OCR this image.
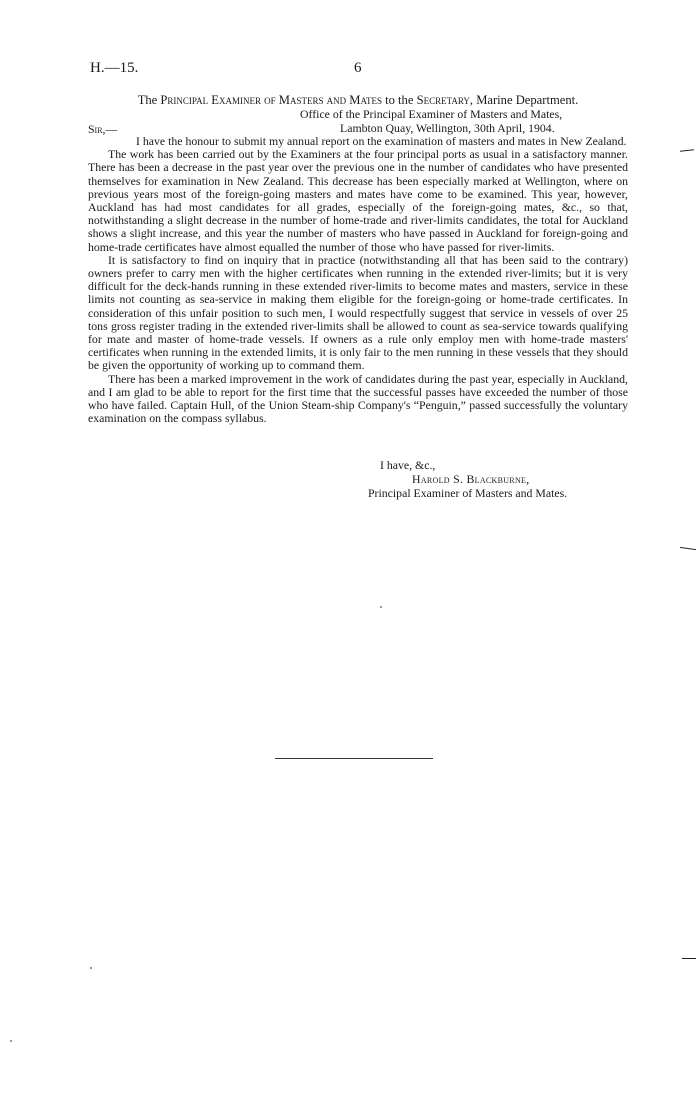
H.—15.	6
The Principal Examiner of Masters and Mates to the Secretary, Marine Department.
Office of the Principal Examiner of Masters and Mates,
Lambton Quay, Wellington, 30th April, 1904.
Sir,—

I have the honour to submit my annual report on the examination of masters and mates in New Zealand.

The work has been carried out by the Examiners at the four principal ports as usual in a satisfactory manner. There has been a decrease in the past year over the previous one in the number of candidates who have presented themselves for examination in New Zealand. This decrease has been especially marked at Wellington, where on previous years most of the foreign-going masters and mates have come to be examined. This year, however, Auckland has had most candidates for all grades, especially of the foreign-going mates, &c., so that, notwithstanding a slight decrease in the number of home-trade and river-limits candidates, the total for Auckland shows a slight increase, and this year the number of masters who have passed in Auckland for foreign-going and home-trade certificates have almost equalled the number of those who have passed for river-limits.

It is satisfactory to find on inquiry that in practice (notwithstanding all that has been said to the contrary) owners prefer to carry men with the higher certificates when running in the extended river-limits; but it is very difficult for the deck-hands running in these extended river-limits to become mates and masters, service in these limits not counting as sea-service in making them eligible for the foreign-going or home-trade certificates. In consideration of this unfair position to such men, I would respectfully suggest that service in vessels of over 25 tons gross register trading in the extended river-limits shall be allowed to count as sea-service towards qualifying for mate and master of home-trade vessels. If owners as a rule only employ men with home-trade masters' certificates when running in the extended limits, it is only fair to the men running in these vessels that they should be given the opportunity of working up to command them.

There has been a marked improvement in the work of candidates during the past year, especially in Auckland, and I am glad to be able to report for the first time that the successful passes have exceeded the number of those who have failed. Captain Hull, of the Union Steam-ship Company's “Penguin,” passed successfully the voluntary examination on the compass syllabus.

I have, &c.,
Harold S. Blackburne,
Principal Examiner of Masters and Mates.
